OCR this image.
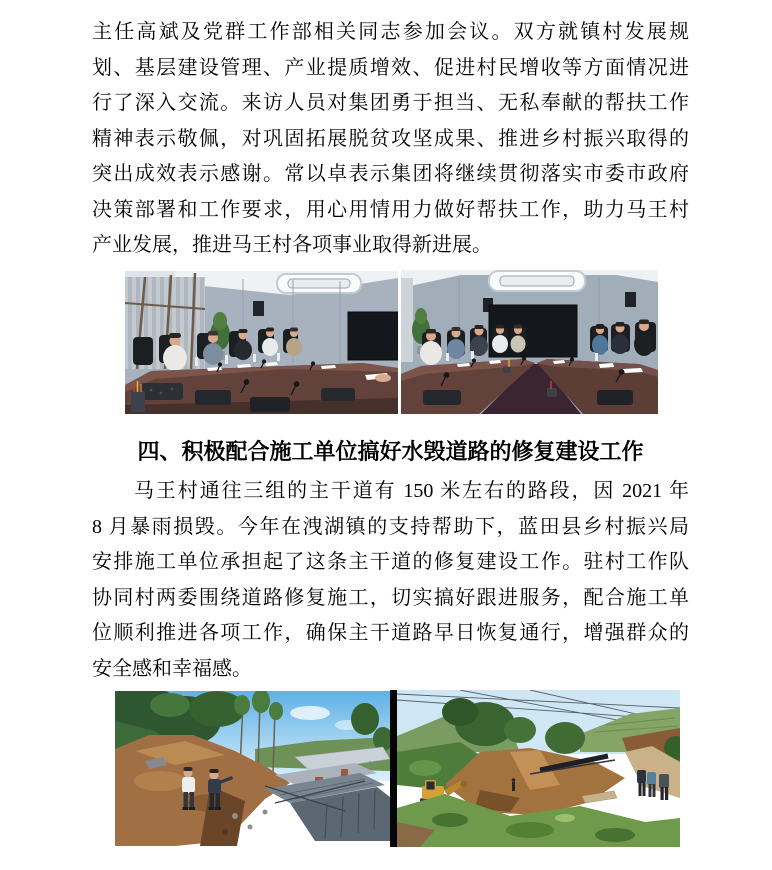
主任高斌及党群工作部相关同志参加会议。双方就镇村发展规
划、基层建设管理、产业提质增效、促进村民增收等方面情况进
行了深入交流。来访人员对集团勇于担当、无私奉献的帮扶工作
精神表示敬佩，对巩固拓展脱贫攻坚成果、推进乡村振兴取得的
突出成效表示感谢。常以卓表示集团将继续贯彻落实市委市政府
决策部署和工作要求，用心用情用力做好帮扶工作，助力马王村
产业发展，推进马王村各项事业取得新进展。
四、积极配合施工单位搞好水毁道路的修复建设工作
马王村通往三组的主干道有 150 米左右的路段，因 2021 年
8 月暴雨损毁。今年在洩湖镇的支持帮助下，蓝田县乡村振兴局
安排施工单位承担起了这条主干道的修复建设工作。驻村工作队
协同村两委围绕道路修复施工，切实搞好跟进服务，配合施工单
位顺利推进各项工作，确保主干道路早日恢复通行，增强群众的
安全感和幸福感。
